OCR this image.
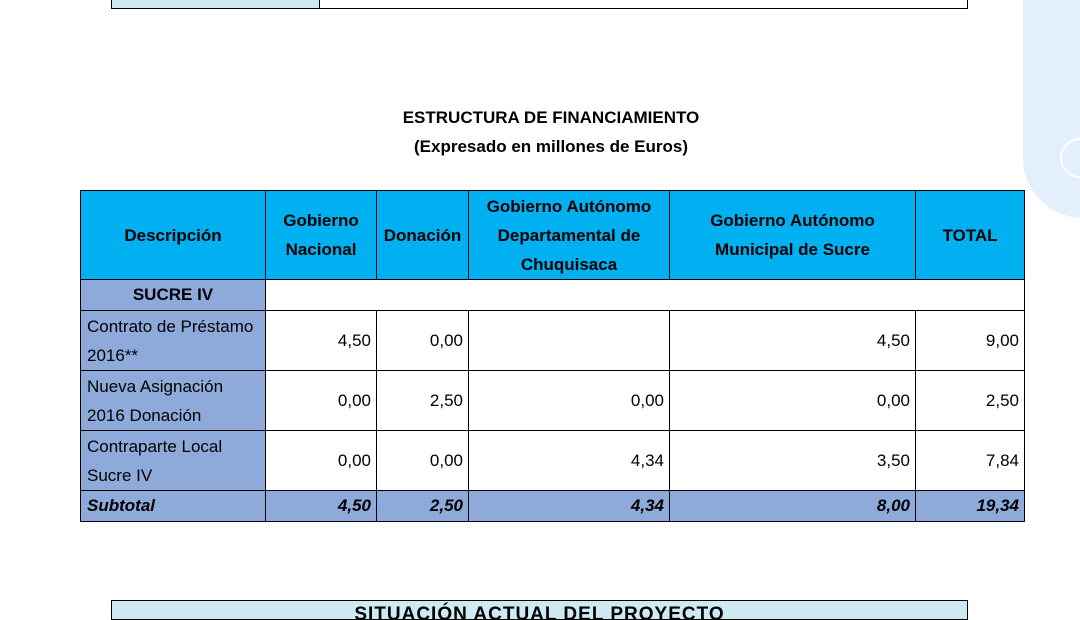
ESTRUCTURA DE FINANCIAMIENTO
(Expresado en millones de Euros)
Descripción	Gobierno Nacional	Donación	Gobierno Autónomo Departamental de Chuquisaca	Gobierno Autónomo Municipal de Sucre	TOTAL
SUCRE IV					
Contrato de Préstamo 2016**	4,50	0,00		4,50	9,00
Nueva Asignación 2016 Donación	0,00	2,50	0,00	0,00	2,50
Contraparte Local Sucre IV	0,00	0,00	4,34	3,50	7,84
Subtotal	4,50	2,50	4,34	8,00	19,34
SITUACIÓN ACTUAL DEL PROYECTO
